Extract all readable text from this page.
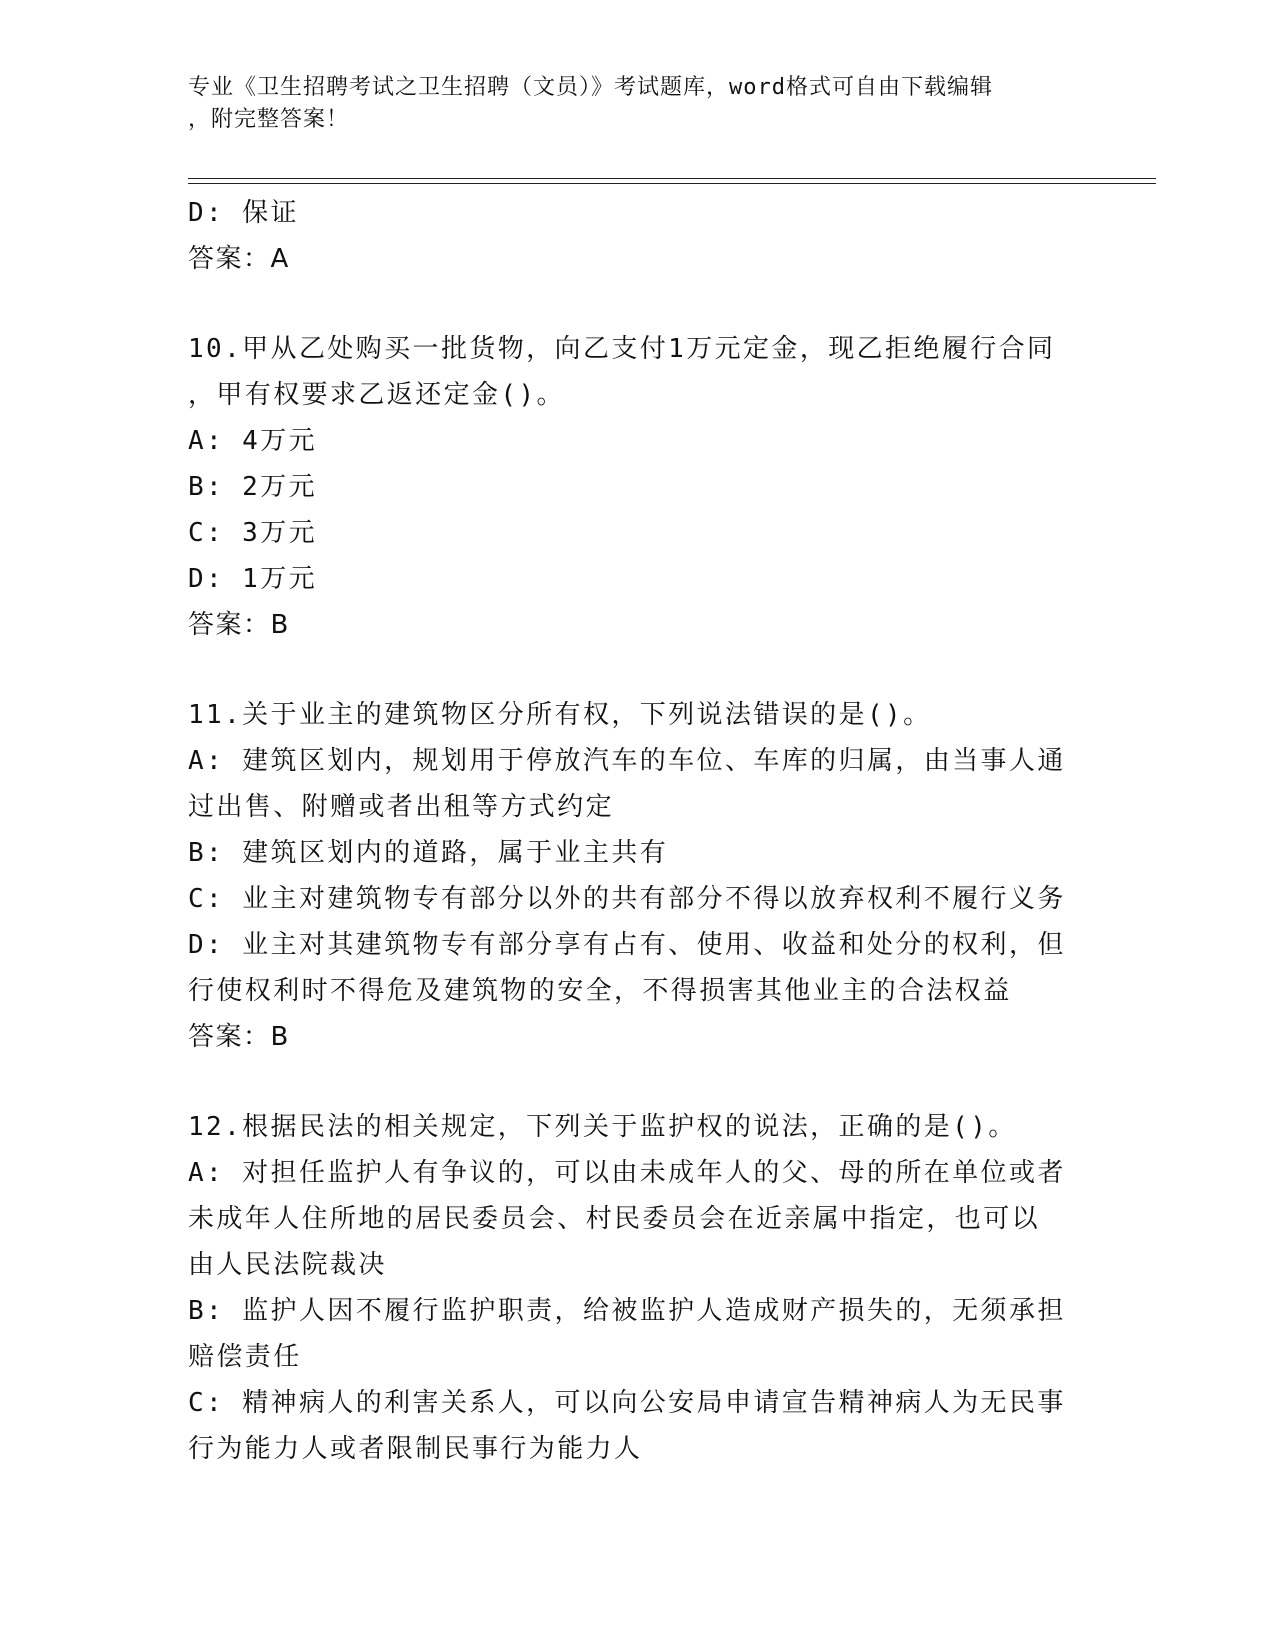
专业《卫生招聘考试之卫生招聘（文员）》考试题库，word格式可自由下载编辑
，附完整答案！
D: 保证
答案：A
10.甲从乙处购买一批货物，向乙支付1万元定金，现乙拒绝履行合同
，甲有权要求乙返还定金()。
A: 4万元
B: 2万元
C: 3万元
D: 1万元
答案：B
11.关于业主的建筑物区分所有权，下列说法错误的是()。
A: 建筑区划内，规划用于停放汽车的车位、车库的归属，由当事人通
过出售、附赠或者出租等方式约定
B: 建筑区划内的道路，属于业主共有
C: 业主对建筑物专有部分以外的共有部分不得以放弃权利不履行义务
D: 业主对其建筑物专有部分享有占有、使用、收益和处分的权利，但
行使权利时不得危及建筑物的安全，不得损害其他业主的合法权益
答案：B
12.根据民法的相关规定，下列关于监护权的说法，正确的是()。
A: 对担任监护人有争议的，可以由未成年人的父、母的所在单位或者
未成年人住所地的居民委员会、村民委员会在近亲属中指定，也可以
由人民法院裁决
B: 监护人因不履行监护职责，给被监护人造成财产损失的，无须承担
赔偿责任
C: 精神病人的利害关系人，可以向公安局申请宣告精神病人为无民事
行为能力人或者限制民事行为能力人
